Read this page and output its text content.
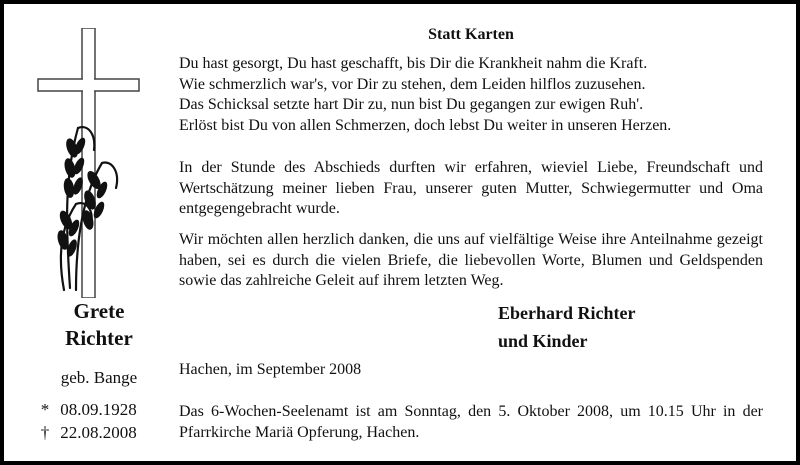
Grete
Richter
geb. Bange
* 08.09.1928
† 22.08.2008
Statt Karten
Du hast gesorgt, Du hast geschafft, bis Dir die Krankheit nahm die Kraft.
Wie schmerzlich war's, vor Dir zu stehen, dem Leiden hilflos zuzusehen.
Das Schicksal setzte hart Dir zu, nun bist Du gegangen zur ewigen Ruh'.
Erlöst bist Du von allen Schmerzen, doch lebst Du weiter in unseren Herzen.
In der Stunde des Abschieds durften wir erfahren, wieviel Liebe, Freundschaft und Wertschätzung meiner lieben Frau, unserer guten Mutter, Schwiegermutter und Oma entgegengebracht wurde.
Wir möchten allen herzlich danken, die uns auf vielfältige Weise ihre Anteilnahme gezeigt haben, sei es durch die vielen Briefe, die liebevollen Worte, Blumen und Geldspenden sowie das zahlreiche Geleit auf ihrem letzten Weg.
Eberhard Richter
und Kinder
Hachen, im September 2008
Das 6-Wochen-Seelenamt ist am Sonntag, den 5. Oktober 2008, um 10.15 Uhr in der Pfarrkirche Mariä Opferung, Hachen.
